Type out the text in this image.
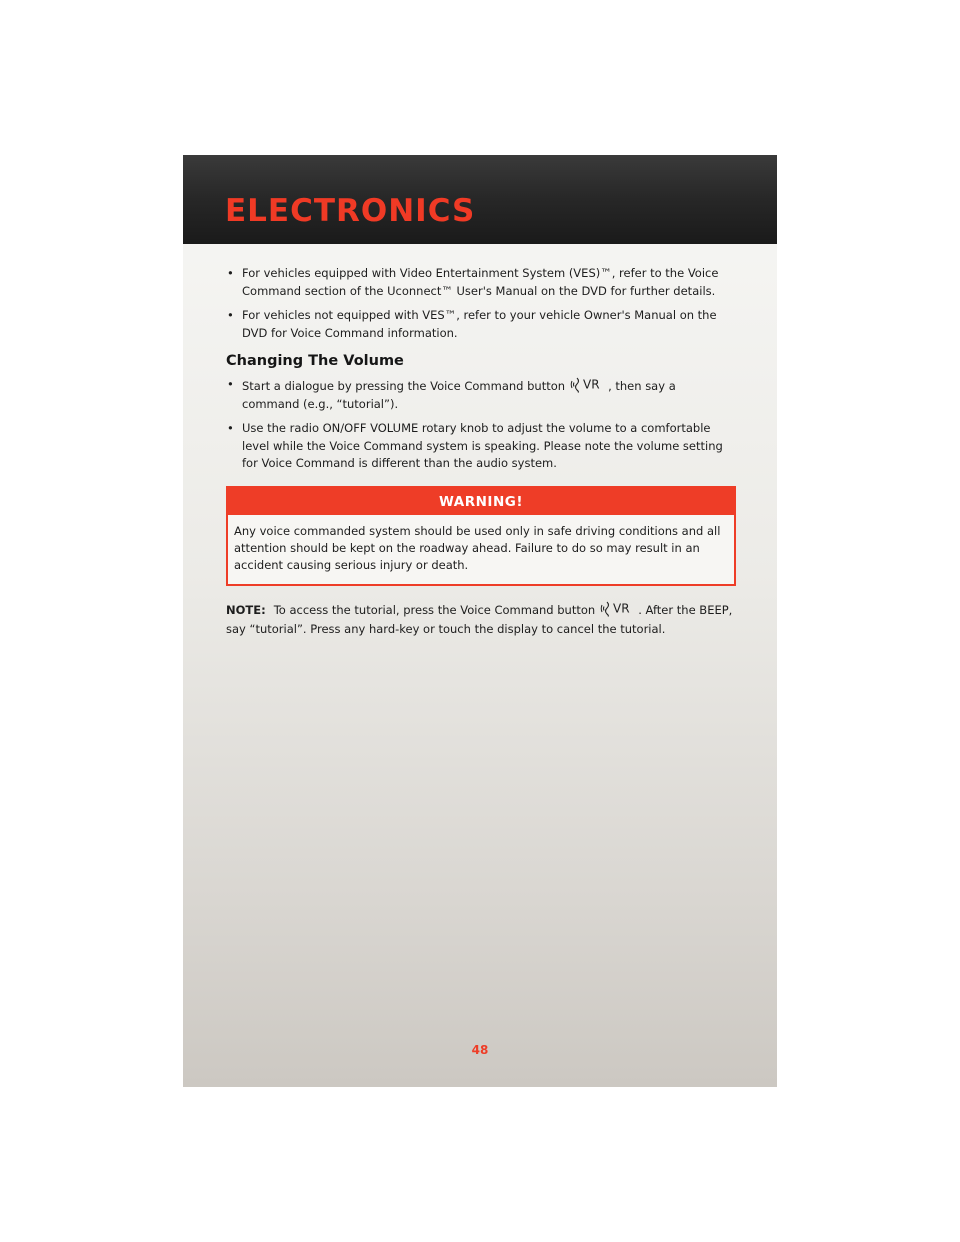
ELECTRONICS
• For vehicles equipped with Video Entertainment System (VES)™, refer to the Voice Command section of the Uconnect™ User's Manual on the DVD for further details.
• For vehicles not equipped with VES™, refer to your vehicle Owner's Manual on the DVD for Voice Command information.
Changing The Volume
• Start a dialogue by pressing the Voice Command button VR , then say a command (e.g., “tutorial”).
• Use the radio ON/OFF VOLUME rotary knob to adjust the volume to a comfortable level while the Voice Command system is speaking. Please note the volume setting for Voice Command is different than the audio system.
WARNING!
Any voice commanded system should be used only in safe driving conditions and all attention should be kept on the roadway ahead. Failure to do so may result in an accident causing serious injury or death.
NOTE: To access the tutorial, press the Voice Command button VR . After the BEEP, say “tutorial”. Press any hard-key or touch the display to cancel the tutorial.
48
